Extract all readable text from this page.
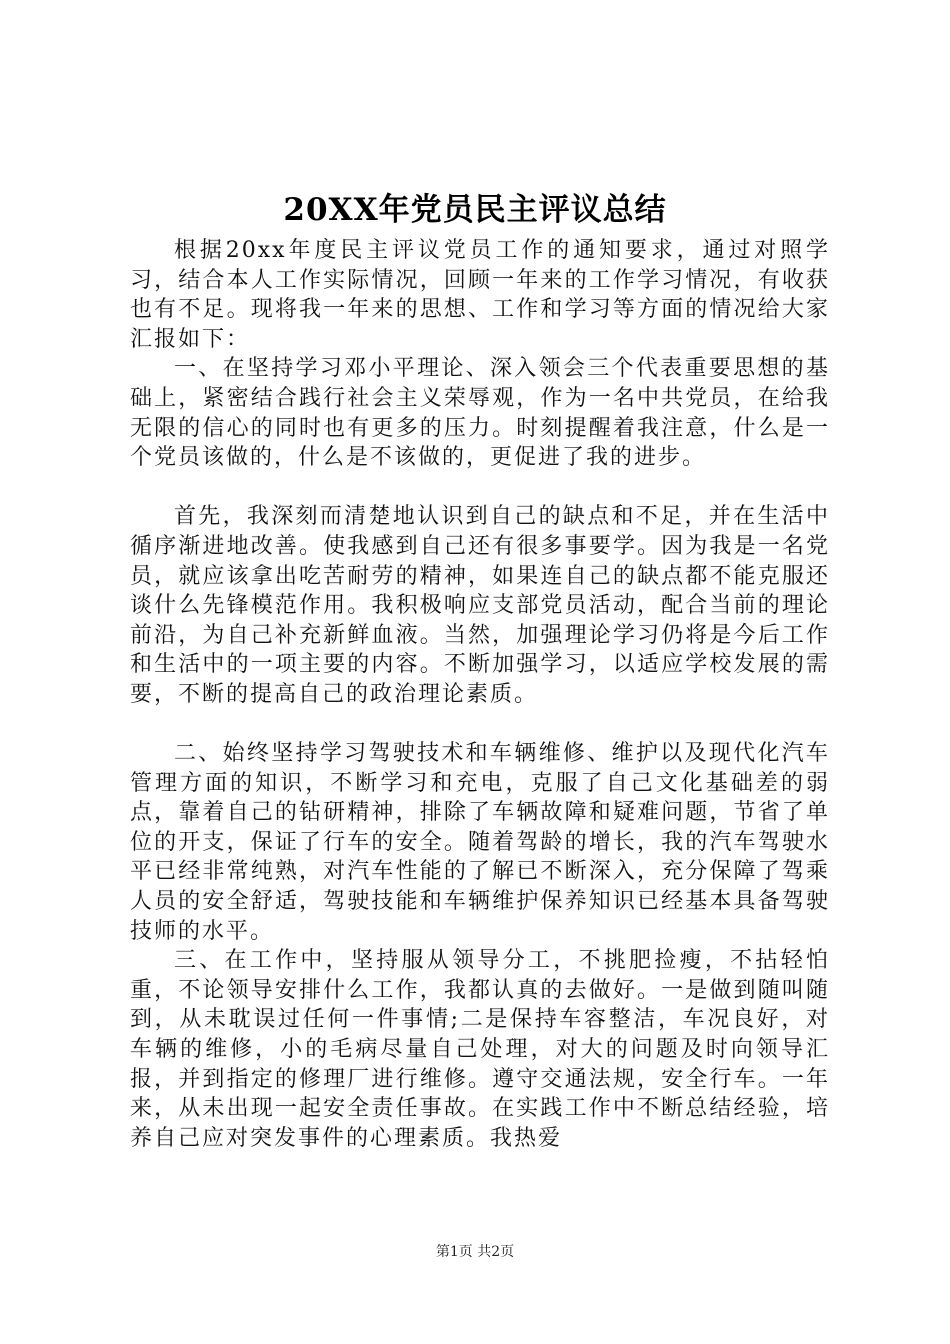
20XX年党员民主评议总结

根据20xx年度民主评议党员工作的通知要求，通过对照学习，结合本人工作实际情况，回顾一年来的工作学习情况，有收获也有不足。现将我一年来的思想、工作和学习等方面的情况给大家汇报如下：

一、在坚持学习邓小平理论、深入领会三个代表重要思想的基础上，紧密结合践行社会主义荣辱观，作为一名中共党员，在给我无限的信心的同时也有更多的压力。时刻提醒着我注意，什么是一个党员该做的，什么是不该做的，更促进了我的进步。

首先，我深刻而清楚地认识到自己的缺点和不足，并在生活中循序渐进地改善。使我感到自己还有很多事要学。因为我是一名党员，就应该拿出吃苦耐劳的精神，如果连自己的缺点都不能克服还谈什么先锋模范作用。我积极响应支部党员活动，配合当前的理论前沿，为自己补充新鲜血液。当然，加强理论学习仍将是今后工作和生活中的一项主要的内容。不断加强学习，以适应学校发展的需要，不断的提高自己的政治理论素质。

二、始终坚持学习驾驶技术和车辆维修、维护以及现代化汽车管理方面的知识，不断学习和充电，克服了自己文化基础差的弱点，靠着自己的钻研精神，排除了车辆故障和疑难问题，节省了单位的开支，保证了行车的安全。随着驾龄的增长，我的汽车驾驶水平已经非常纯熟，对汽车性能的了解已不断深入，充分保障了驾乘人员的安全舒适，驾驶技能和车辆维护保养知识已经基本具备驾驶技师的水平。

三、在工作中，坚持服从领导分工，不挑肥捡瘦，不拈轻怕重，不论领导安排什么工作，我都认真的去做好。一是做到随叫随到，从未耽误过任何一件事情;二是保持车容整洁，车况良好，对车辆的维修，小的毛病尽量自己处理，对大的问题及时向领导汇报，并到指定的修理厂进行维修。遵守交通法规，安全行车。一年来，从未出现一起安全责任事故。在实践工作中不断总结经验，培养自己应对突发事件的心理素质。我热爱

第1页 共2页
